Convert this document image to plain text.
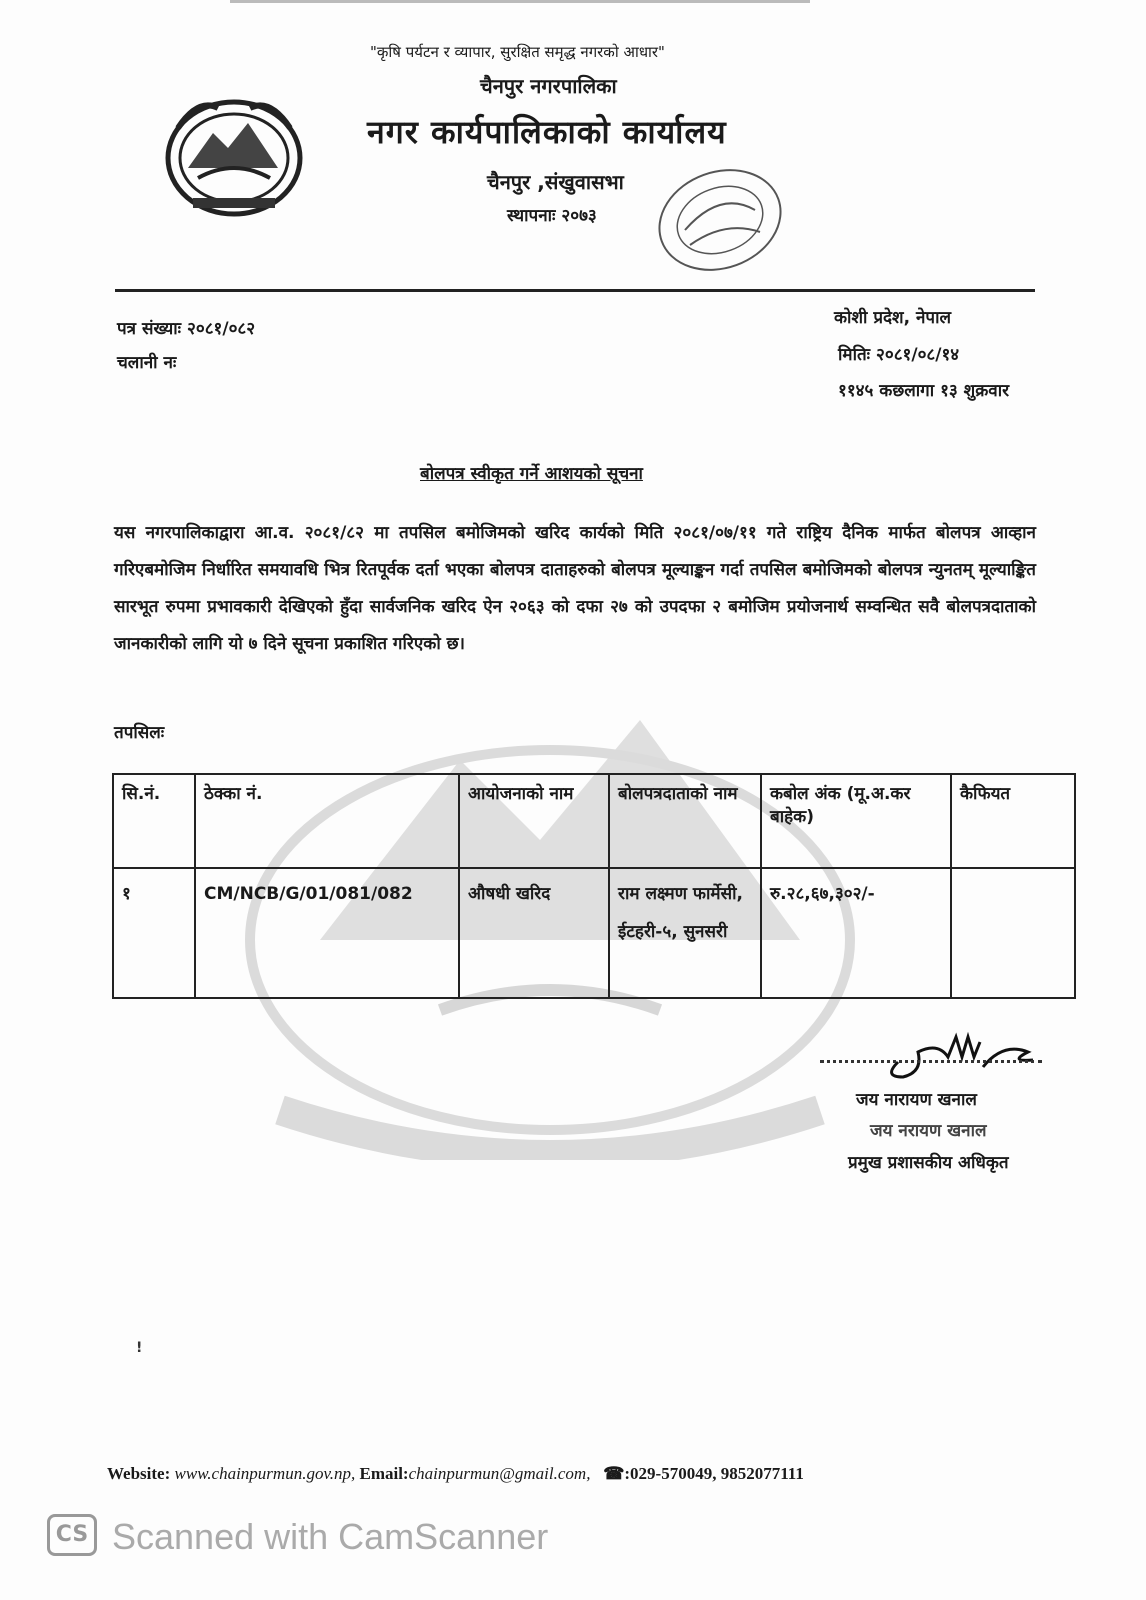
"कृषि पर्यटन र व्यापार, सुरक्षित समृद्ध नगरको आधार"
चैनपुर नगरपालिका
नगर कार्यपालिकाको कार्यालय
चैनपुर ,संखुवासभा
स्थापनाः २०७३
पत्र संख्याः २०८१/०८२
चलानी नः
कोशी प्रदेश, नेपाल
मितिः २०८१/०८/१४
११४५ कछलागा १३ शुक्रवार
बोलपत्र स्वीकृत गर्ने आशयको सूचना
यस नगरपालिकाद्वारा आ.व. २०८१/८२ मा तपसिल बमोजिमको खरिद कार्यको मिति २०८१/०७/११ गते राष्ट्रिय दैनिक मार्फत बोलपत्र आव्हान गरिएबमोजिम निर्धारित समयावधि भित्र रितपूर्वक दर्ता भएका बोलपत्र दाताहरुको बोलपत्र मूल्याङ्कन गर्दा तपसिल बमोजिमको बोलपत्र न्युनतम् मूल्याङ्कित सारभूत रुपमा प्रभावकारी देखिएको हुँदा सार्वजनिक खरिद ऐन २०६३ को दफा २७ को उपदफा २ बमोजिम प्रयोजनार्थ सम्वन्धित सवै बोलपत्रदाताको जानकारीको लागि यो ७ दिने सूचना प्रकाशित गरिएको छ।
तपसिलः
सि.नं.	ठेक्का नं.	आयोजनाको नाम	बोलपत्रदाताको नाम	कबोल अंक (मू.अ.कर बाहेक)	कैफियत
१	CM/NCB/G/01/081/082	औषधी खरिद	राम लक्ष्मण फार्मेसी, ईटहरी-५, सुनसरी	रु.२८,६७,३०२/-	
जय नारायण खनाल
जय नरायण खनाल
प्रमुख प्रशासकीय अधिकृत
!
Website: www.chainpurmun.gov.np, Email:chainpurmun@gmail.com, ☎:029-570049, 9852077111
CS Scanned with CamScanner
